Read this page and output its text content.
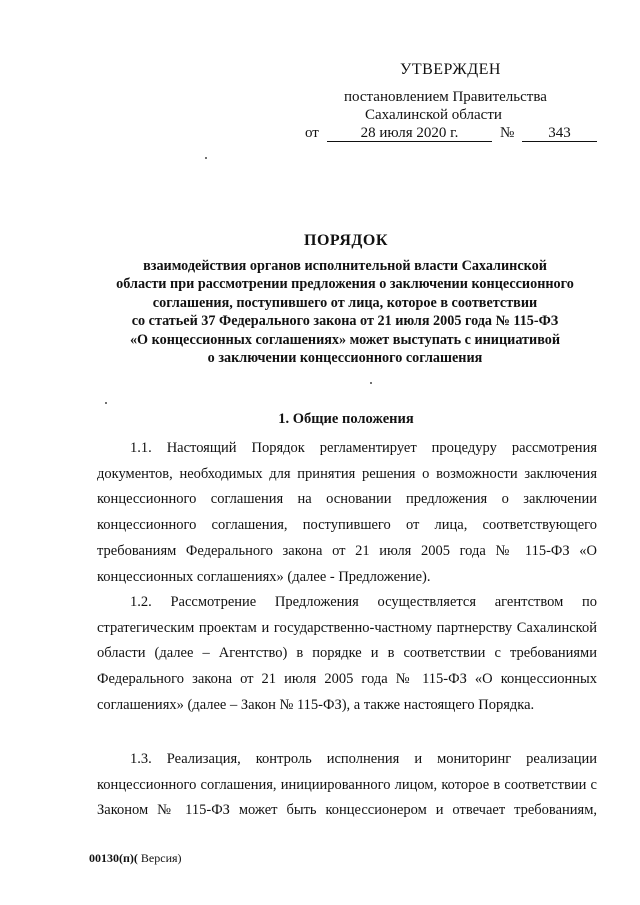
УТВЕРЖДЕН
постановлением Правительства
Сахалинской области
от	28 июля 2020 г.	№	343
ПОРЯДОК
взаимодействия органов исполнительной власти Сахалинской
области при рассмотрении предложения о заключении концессионного
соглашения, поступившего от лица, которое в соответствии
со статьей 37 Федерального закона от 21 июля 2005 года № 115-ФЗ
«О концессионных соглашениях» может выступать с инициативой
о заключении концессионного соглашения
1. Общие положения

1.1. Настоящий Порядок регламентирует процедуру рассмотрения документов, необходимых для принятия решения о возможности заключения концессионного соглашения на основании предложения о заключении концессионного соглашения, поступившего от лица, соответствующего требованиям Федерального закона от 21 июля 2005 года № 115-ФЗ «О концессионных соглашениях» (далее - Предложение).

1.2. Рассмотрение Предложения осуществляется агентством по стратегическим проектам и государственно-частному партнерству Сахалинской области (далее – Агентство) в порядке и в соответствии с требованиями Федерального закона от 21 июля 2005 года № 115-ФЗ «О концессионных соглашениях» (далее – Закон № 115-ФЗ), а также настоящего Порядка.

1.3. Реализация, контроль исполнения и мониторинг реализации концессионного соглашения, инициированного лицом, которое в соответствии с Законом № 115-ФЗ может быть концессионером и отвечает требованиям,

00130(п)( Версия)
